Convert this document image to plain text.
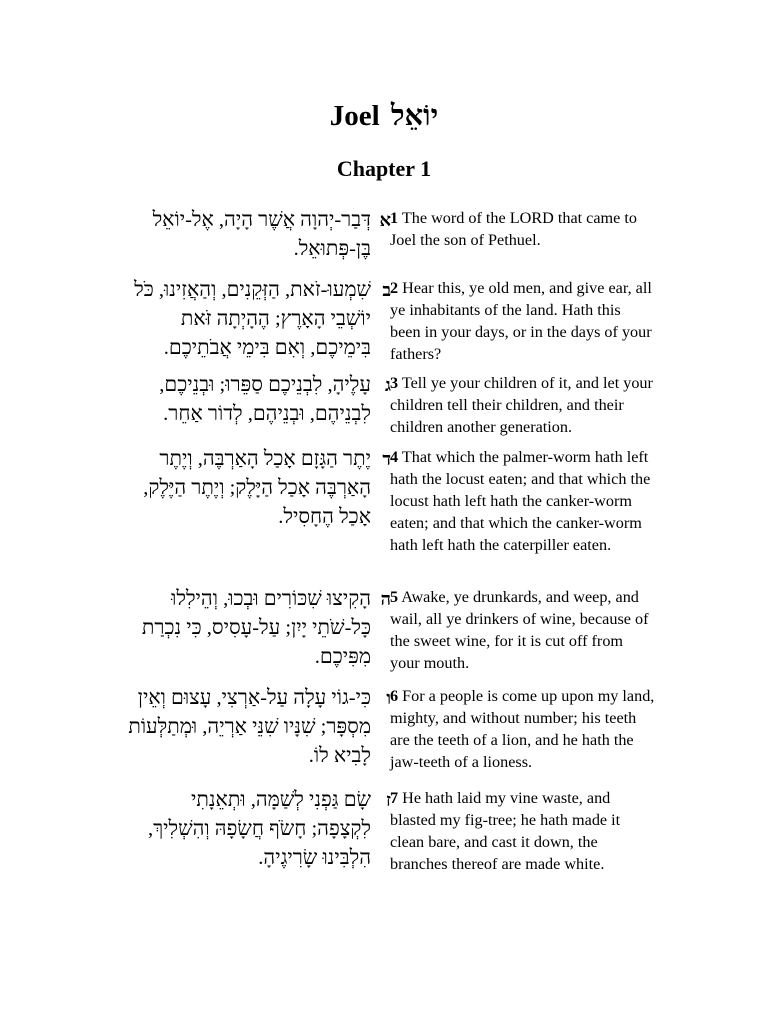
Joel יוֹאֵל
Chapter 1
א
דְּבַר-יְהוָה אֲשֶׁר הָיָה, אֶל-יוֹאֵל בֶּן-פְּתוּאֵל.
1 The word of the LORD that came to Joel the son of Pethuel.
ב
שִׁמְעוּ-זֹאת, הַזְּקֵנִים, וְהַאֲזִינוּ, כֹּל יוֹשְׁבֵי הָאָרֶץ; הֶהָיְתָה זֹּאת בִּימֵיכֶם, וְאִם בִּימֵי אֲבֹתֵיכֶם.
2 Hear this, ye old men, and give ear, all ye inhabitants of the land. Hath this been in your days, or in the days of your fathers?
ג
עָלֶיהָ, לִבְנֵיכֶם סַפֵּרוּ; וּבְנֵיכֶם, לִבְנֵיהֶם, וּבְנֵיהֶם, לְדוֹר אַחֵר.
3 Tell ye your children of it, and let your children tell their children, and their children another generation.
ד
יֶתֶר הַגָּזָם אָכַל הָאַרְבֶּה, וְיֶתֶר הָאַרְבֶּה אָכַל הַיָּלֶק; וְיֶתֶר הַיֶּלֶק, אָכַל הֶחָסִיל.
4 That which the palmer-worm hath left hath the locust eaten; and that which the locust hath left hath the canker-worm eaten; and that which the canker-worm hath left hath the caterpiller eaten.
ה
הָקִיצוּ שִׁכּוֹרִים וּבְכוּ, וְהֵילִלוּ כָּל-שֹׁתֵי יָיִן; עַל-עָסִיס, כִּי נִכְרַת מִפִּיכֶם.
5 Awake, ye drunkards, and weep, and wail, all ye drinkers of wine, because of the sweet wine, for it is cut off from your mouth.
ו
כִּי-גוֹי עָלָה עַל-אַרְצִי, עָצוּם וְאֵין מִסְפָּר; שִׁנָּיו שִׁנֵּי אַרְיֵה, וּמְתַלְּעוֹת לָבִיא לוֹ.
6 For a people is come up upon my land, mighty, and without number; his teeth are the teeth of a lion, and he hath the jaw-teeth of a lioness.
ז
שָׂם גַּפְנִי לְשַׁמָּה, וּתְאֵנָתִי לִקְצָפָה; חָשֹׂף חֲשָׂפָהּ וְהִשְׁלִיךְ, הִלְבִּינוּ שָׂרִיגֶיהָ.
7 He hath laid my vine waste, and blasted my fig-tree; he hath made it clean bare, and cast it down, the branches thereof are made white.
